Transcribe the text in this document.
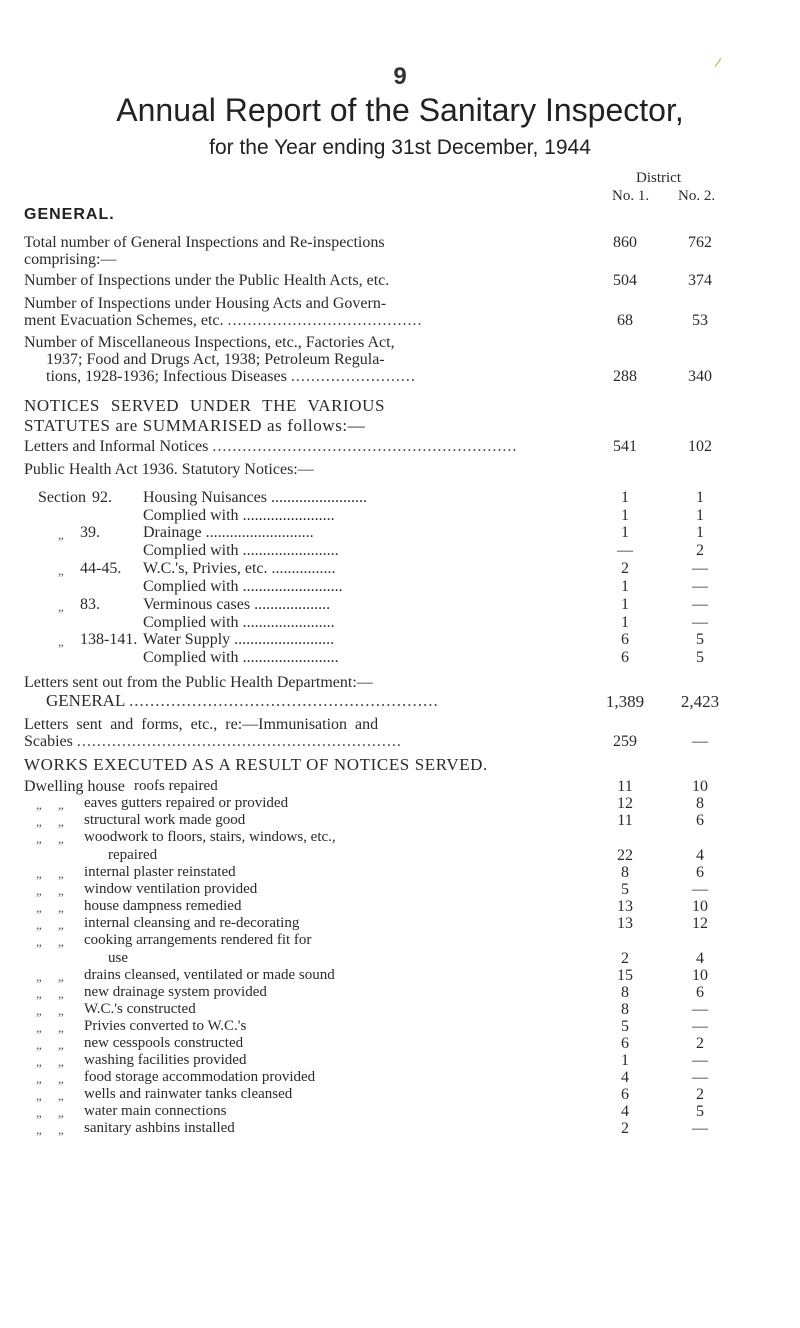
9
Annual Report of the Sanitary Inspector,
for the Year ending 31st December, 1944
District
No. 1. No. 2.
GENERAL.
Total number of General Inspections and Re-inspections
comprising:—
860	762
Number of Inspections under the Public Health Acts, etc.	504	374
Number of Inspections under Housing Acts and Govern-
ment Evacuation Schemes, etc. .......................................	68	53
Number of Miscellaneous Inspections, etc., Factories Act,
1937; Food and Drugs Act, 1938; Petroleum Regula-
tions, 1928-1936; Infectious Diseases .........................	288	340
NOTICES SERVED UNDER THE VARIOUS
STATUTES are SUMMARISED as follows:—
Letters and Informal Notices .............................................................	541	102
Public Health Act 1936. Statutory Notices:—
Section 92. Housing Nuisances ........................	1	1
Complied with .......................	1	1
„ 39.	Drainage ...........................	1	1
Complied with ........................	—	2
„ 44-45. W.C.'s, Privies, etc. ................	2	—
Complied with .........................	1	—
„ 83.	Verminous cases ...................	1	—
Complied with .......................	1	—
„ 138-141. Water Supply .........................	6	5
Complied with ........................	6	5
Letters sent out from the Public Health Department:—
GENERAL ...........................................................	1,389	2,423
Letters sent and forms, etc., re:—Immunisation and
Scabies .................................................................	259	—
WORKS EXECUTED AS A RESULT OF NOTICES SERVED.
Dwelling house roofs repaired	11	10
„ „ eaves gutters repaired or provided	12	8
„ „ structural work made good	11	6
„ „ woodwork to floors, stairs, windows, etc.,
repaired	22	4
„ „ internal plaster reinstated	8	6
„ „ window ventilation provided	5	—
„ „ house dampness remedied	13	10
„ „ internal cleansing and re-decorating	13	12
„ „ cooking arrangements rendered fit for
use	2	4
„ „ drains cleansed, ventilated or made sound	15	10
„ „ new drainage system provided	8	6
„ „ W.C.'s constructed	8	—
„ „ Privies converted to W.C.'s	5	—
„ „ new cesspools constructed	6	2
„ „ washing facilities provided	1	—
„ „ food storage accommodation provided	4	—
„ „ wells and rainwater tanks cleansed	6	2
„ „ water main connections	4	5
„ „ sanitary ashbins installed	2	—
